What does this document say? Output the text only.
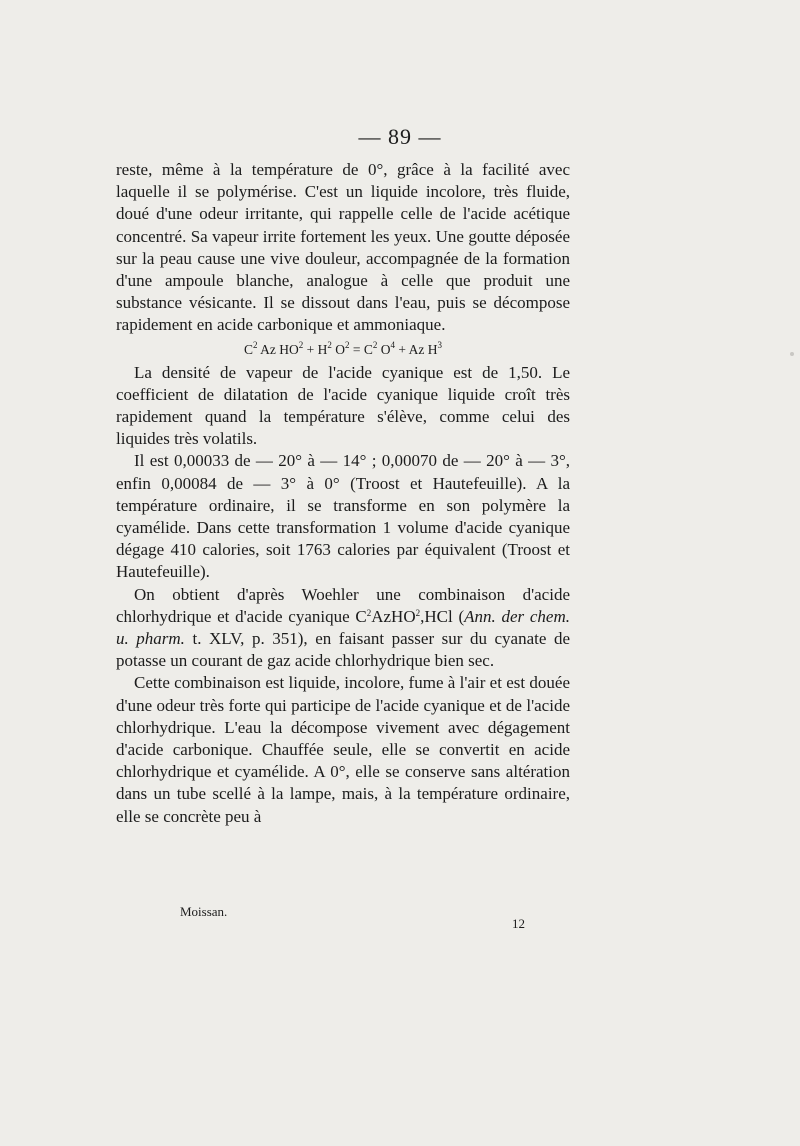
— 89 —

reste, même à la température de 0°, grâce à la facilité avec laquelle il se polymérise. C'est un liquide incolore, très fluide, doué d'une odeur irritante, qui rappelle celle de l'acide acétique concentré. Sa vapeur irrite fortement les yeux. Une goutte déposée sur la peau cause une vive douleur, accompagnée de la formation d'une ampoule blanche, analogue à celle que produit une substance vésicante. Il se dissout dans l'eau, puis se décompose rapidement en acide carbonique et ammoniaque.

$C^2$ Az $HO^2 + H^2$ $O^2 = C^2$ $O^4 + Az$ $H^3$

La densité de vapeur de l'acide cyanique est de 1,50. Le coefficient de dilatation de l'acide cyanique liquide croît très rapidement quand la température s'élève, comme celui des liquides très volatils.

Il est 0,00033 de — 20° à — 14° ; 0,00070 de — 20° à — 3°, enfin 0,00084 de — 3° à 0° (Troost et Hautefeuille). A la température ordinaire, il se transforme en son polymère la cyamélide. Dans cette transformation 1 volume d'acide cyanique dégage 410 calories, soit 1763 calories par équivalent (Troost et Hautefeuille).

On obtient d'après Woehler une combinaison d'acide chlorhydrique et d'acide cyanique $C^2AzHO^2,HCl$ (Ann. der chem. u. pharm. t. XLV, p. 351), en faisant passer sur du cyanate de potasse un courant de gaz acide chlorhydrique bien sec.

Cette combinaison est liquide, incolore, fume à l'air et est douée d'une odeur très forte qui participe de l'acide cyanique et de l'acide chlorhydrique. L'eau la décompose vivement avec dégagement d'acide carbonique. Chauffée seule, elle se convertit en acide chlorhydrique et cyamélide. A 0°, elle se conserve sans altération dans un tube scellé à la lampe, mais, à la température ordinaire, elle se concrète peu à

Moissan.
12
